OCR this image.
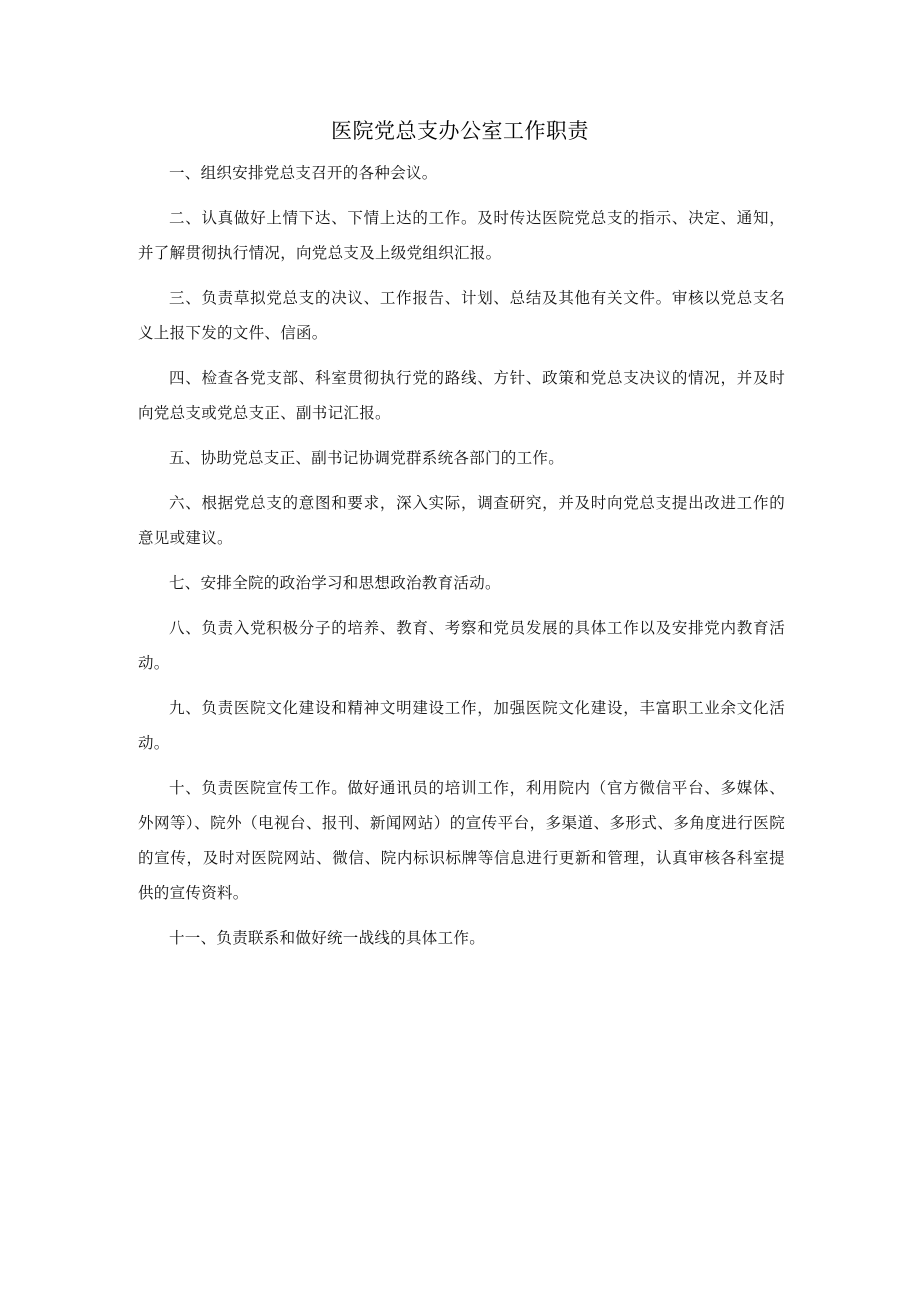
医院党总支办公室工作职责

一、组织安排党总支召开的各种会议。

二、认真做好上情下达、下情上达的工作。及时传达医院党总支的指示、决定、通知，并了解贯彻执行情况，向党总支及上级党组织汇报。

三、负责草拟党总支的决议、工作报告、计划、总结及其他有关文件。审核以党总支名义上报下发的文件、信函。

四、检查各党支部、科室贯彻执行党的路线、方针、政策和党总支决议的情况，并及时向党总支或党总支正、副书记汇报。

五、协助党总支正、副书记协调党群系统各部门的工作。

六、根据党总支的意图和要求，深入实际，调查研究，并及时向党总支提出改进工作的意见或建议。

七、安排全院的政治学习和思想政治教育活动。

八、负责入党积极分子的培养、教育、考察和党员发展的具体工作以及安排党内教育活动。

九、负责医院文化建设和精神文明建设工作，加强医院文化建设，丰富职工业余文化活动。

十、负责医院宣传工作。做好通讯员的培训工作，利用院内（官方微信平台、多媒体、外网等）、院外（电视台、报刊、新闻网站）的宣传平台，多渠道、多形式、多角度进行医院的宣传，及时对医院网站、微信、院内标识标牌等信息进行更新和管理，认真审核各科室提供的宣传资料。

十一、负责联系和做好统一战线的具体工作。
